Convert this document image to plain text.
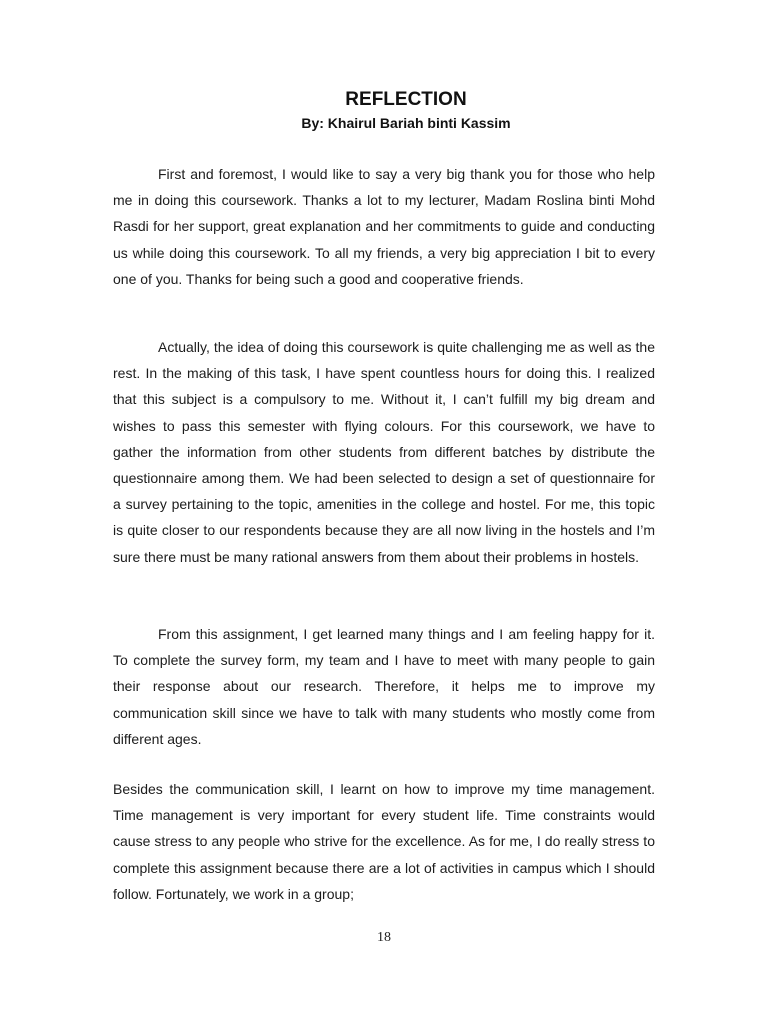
REFLECTION
By: Khairul Bariah binti Kassim

First and foremost, I would like to say a very big thank you for those who help me in doing this coursework. Thanks a lot to my lecturer, Madam Roslina binti Mohd Rasdi for her support, great explanation and her commitments to guide and conducting us while doing this coursework. To all my friends, a very big appreciation I bit to every one of you. Thanks for being such a good and cooperative friends.

Actually, the idea of doing this coursework is quite challenging me as well as the rest. In the making of this task, I have spent countless hours for doing this. I realized that this subject is a compulsory to me. Without it, I can’t fulfill my big dream and wishes to pass this semester with flying colours. For this coursework, we have to gather the information from other students from different batches by distribute the questionnaire among them. We had been selected to design a set of questionnaire for a survey pertaining to the topic, amenities in the college and hostel. For me, this topic is quite closer to our respondents because they are all now living in the hostels and I’m sure there must be many rational answers from them about their problems in hostels.

From this assignment, I get learned many things and I am feeling happy for it. To complete the survey form, my team and I have to meet with many people to gain their response about our research. Therefore, it helps me to improve my communication skill since we have to talk with many students who mostly come from different ages.

Besides the communication skill, I learnt on how to improve my time management. Time management is very important for every student life. Time constraints would cause stress to any people who strive for the excellence. As for me, I do really stress to complete this assignment because there are a lot of activities in campus which I should follow. Fortunately, we work in a group;

18
